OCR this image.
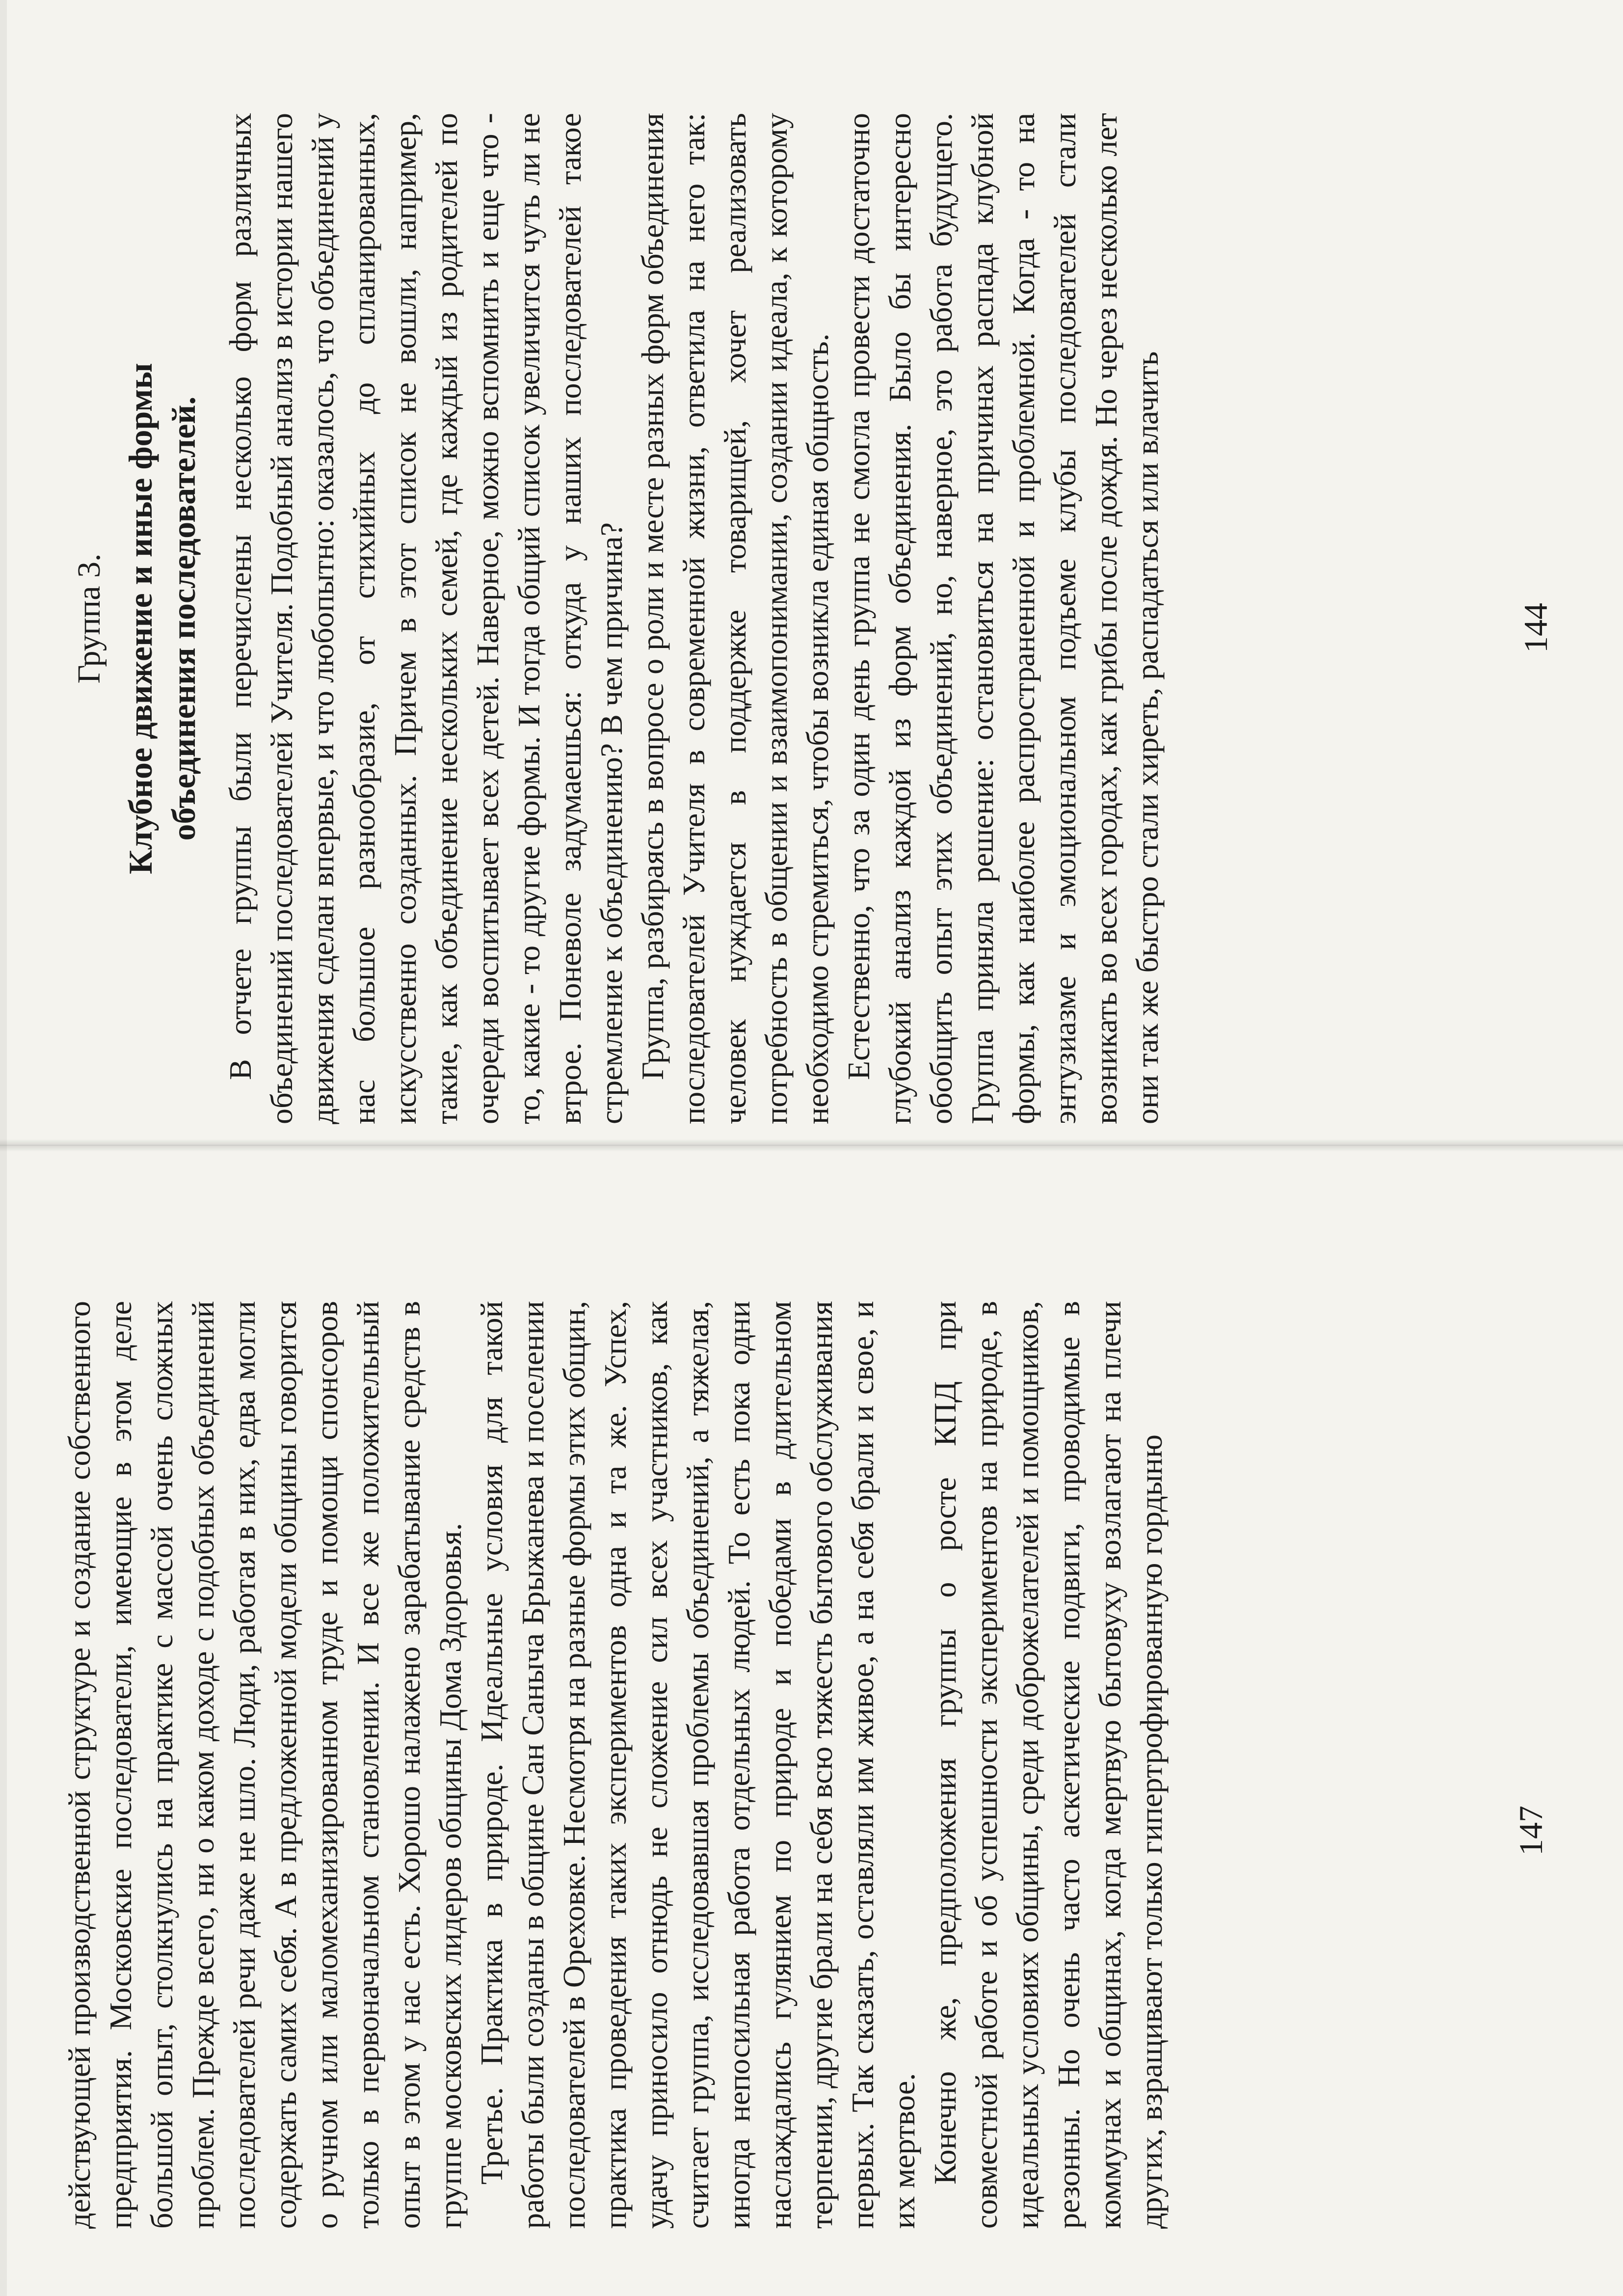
Группа 3. Клубное движение и иные формы объединения последователей. В отчете группы были перечислены несколько форм различных объединений последователей Учителя. Подобный анализ в истории нашего движения сделан впервые, и что любопытно: оказалось, что объединений у нас большое разнообразие, от стихийных до спланированных, искусственно созданных. Причем в этот список не вошли, например, такие, как объединение нескольких семей, где каждый из родителей по очереди воспитывает всех детей. Наверное, можно вспомнить и еще что - то, какие - то другие формы. И тогда общий список увеличится чуть ли не втрое. Поневоле задумаешься: откуда у наших последователей такое стремление к объединению? В чем причина? Группа, разбираясь в вопросе о роли и месте разных форм объединения последователей Учителя в современной жизни, ответила на него так: человек нуждается в поддержке товарищей, хочет реализовать потребность в общении и взаимопонимании, создании идеала, к которому необходимо стремиться, чтобы возникла единая общность. Естественно, что за один день группа не смогла провести достаточно глубокий анализ каждой из форм объединения. Было бы интересно обобщить опыт этих объединений, но, наверное, это работа будущего. Группа приняла решение: остановиться на причинах распада клубной формы, как наиболее распространенной и проблемной. Когда - то на энтузиазме и эмоциональном подъеме клубы последователей стали возникать во всех городах, как грибы после дождя. Но через несколько лет они так же быстро стали хиреть, распадаться или влачить	144

действующей производственной структуре и создание собственного предприятия. Московские последователи, имеющие в этом деле большой опыт, столкнулись на практике с массой очень сложных проблем. Прежде всего, ни о каком доходе с подобных объединений последователей речи даже не шло. Люди, работая в них, едва могли содержать самих себя. А в предложенной модели общины говорится о ручном или маломеханизированном труде и помощи спонсоров только в первоначальном становлении. И все же положительный опыт в этом у нас есть. Хорошо налажено зарабатывание средств в группе московских лидеров общины Дома Здоровья. Третье. Практика в природе. Идеальные условия для такой работы были созданы в общине Сан Саныча Брыжанева и поселении последователей в Ореховке. Несмотря на разные формы этих общин, практика проведения таких экспериментов одна и та же. Успех, удачу приносило отнюдь не сложение сил всех участников, как считает группа, исследовавшая проблемы объединений, а тяжелая, иногда непосильная работа отдельных людей. То есть пока одни наслаждались гулянием по природе и победами в длительном терпении, другие брали на себя всю тяжесть бытового обслуживания первых. Так сказать, оставляли им живое, а на себя брали и свое, и их мертвое. Конечно же, предположения группы о росте КПД при совместной работе и об успешности экспериментов на природе, в идеальных условиях общины, среди доброжелателей и помощников, резонны. Но очень часто аскетические подвиги, проводимые в коммунах и общинах, когда мертвую бытовуху возлагают на плечи других, взращивают только гипертрофированную гордыню	147
